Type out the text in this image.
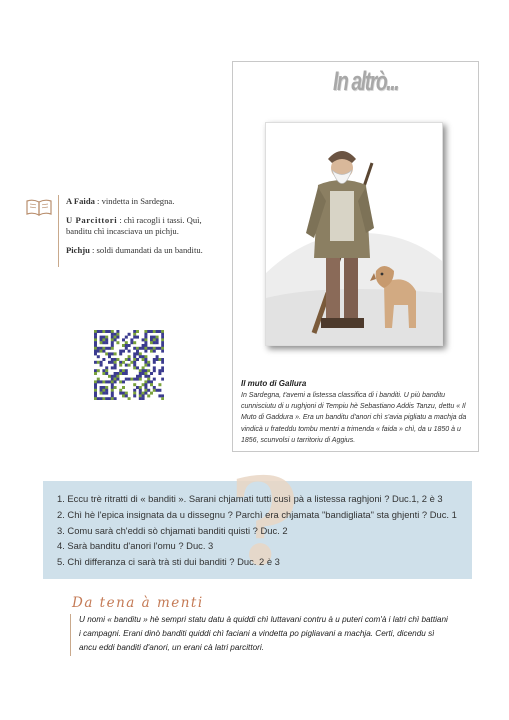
A Faida : vindetta in Sardegna.

U Parcittori : chì racogli i tassi. Quì, banditu chì incasciava un pichju.

Pichju : soldi dumandati da un banditu.

In altrò...
Il muto di Gallura
In Sardegna, t'avemi a listessa classifica di i banditi. U più banditu cunnisciutu di u rughjoni di Tempiu hè Sebastiano Addis Tanzu, dettu « Il Muto di Gaddura ». Era un banditu d'anori chì s'avia pigliatu a machja da vindicà u frateddu tombu mentri a trimenda « faida » chì, da u 1850 à u 1856, scunvolsi u tarritoriu di Aggius.
?
1. Eccu trè ritratti di « banditi ». Sarani chjamati tutti cusì pà a listessa raghjoni ? Duc.1, 2 è 3
2. Chì hè l'epica insignata da u dissegnu ? Parchì era chjamata "bandigliata" sta ghjenti ? Duc. 1
3. Comu sarà ch'eddi sò chjamati banditi quisti ? Duc. 2
4. Sarà banditu d'anori l'omu ? Duc. 3
5. Chì differanza ci sarà trà sti dui banditi ? Duc. 2 è 3
Da tena à menti
U nomi « banditu » hè sempri statu datu à quiddi chì luttavani contru à u puteri com'à i latri chì battiani i campagni. Erani dinò banditi quiddi chì faciani a vindetta po pigliavani a machja. Certi, dicendu sì ancu eddi banditi d'anori, un erani cà latri parcittori.
